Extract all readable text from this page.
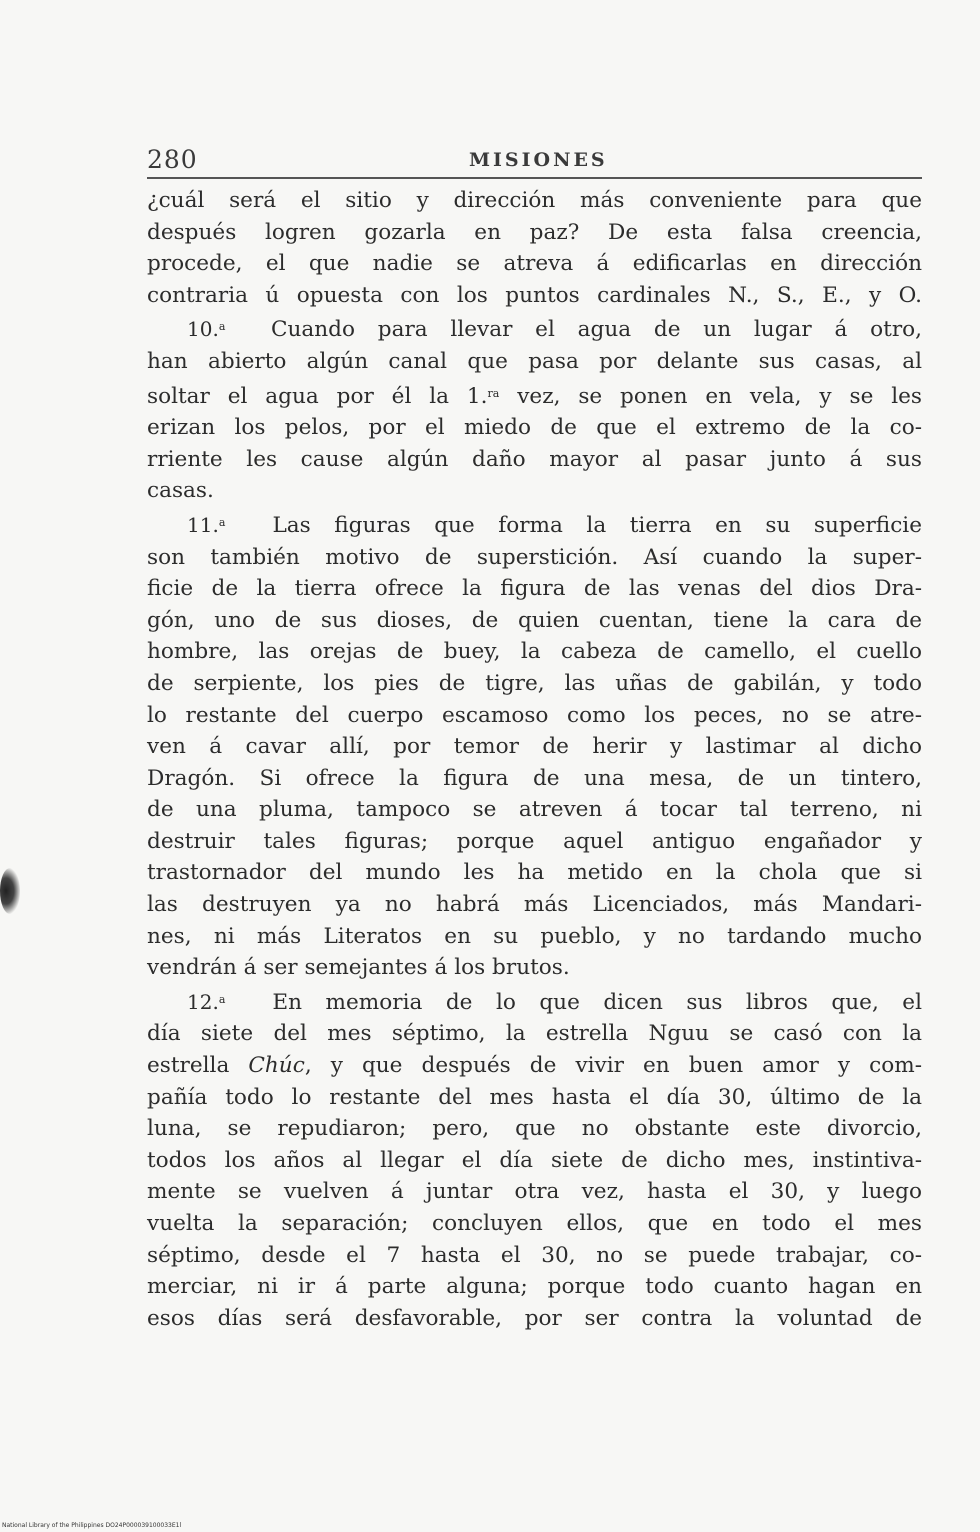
280	MISIONES

¿cuál será el sitio y dirección más conveniente para que

después logren gozarla en paz? De esta falsa creencia,

procede, el que nadie se atreva á edificarlas en dirección

contraria ú opuesta con los puntos cardinales N., S., E., y O.

10.$^a$ Cuando para llevar el agua de un lugar á otro,

han abierto algún canal que pasa por delante sus casas, al

soltar el agua por él la 1.$^{ra}$ vez, se ponen en vela, y se les

erizan los pelos, por el miedo de que el extremo de la co-

rriente les cause algún daño mayor al pasar junto á sus

casas.

11.$^a$ Las figuras que forma la tierra en su superficie

son también motivo de superstición. Así cuando la super-

ficie de la tierra ofrece la figura de las venas del dios Dra-

gón, uno de sus dioses, de quien cuentan, tiene la cara de

hombre, las orejas de buey, la cabeza de camello, el cuello

de serpiente, los pies de tigre, las uñas de gabilán, y todo

lo restante del cuerpo escamoso como los peces, no se atre-

ven á cavar allí, por temor de herir y lastimar al dicho

Dragón. Si ofrece la figura de una mesa, de un tintero,

de una pluma, tampoco se atreven á tocar tal terreno, ni

destruir tales figuras; porque aquel antiguo engañador y

trastornador del mundo les ha metido en la chola que si

las destruyen ya no habrá más Licenciados, más Mandari-

nes, ni más Literatos en su pueblo, y no tardando mucho

vendrán á ser semejantes á los brutos.

12.$^a$ En memoria de lo que dicen sus libros que, el

día siete del mes séptimo, la estrella Nguu se casó con la

estrella Chúc, y que después de vivir en buen amor y com-

pañía todo lo restante del mes hasta el día 30, último de la

luna, se repudiaron; pero, que no obstante este divorcio,

todos los años al llegar el día siete de dicho mes, instintiva-

mente se vuelven á juntar otra vez, hasta el 30, y luego

vuelta la separación; concluyen ellos, que en todo el mes

séptimo, desde el 7 hasta el 30, no se puede trabajar, co-

merciar, ni ir á parte alguna; porque todo cuanto hagan en

esos días será desfavorable, por ser contra la voluntad de

National Library of the Philippines DO24P000039100033E1l
